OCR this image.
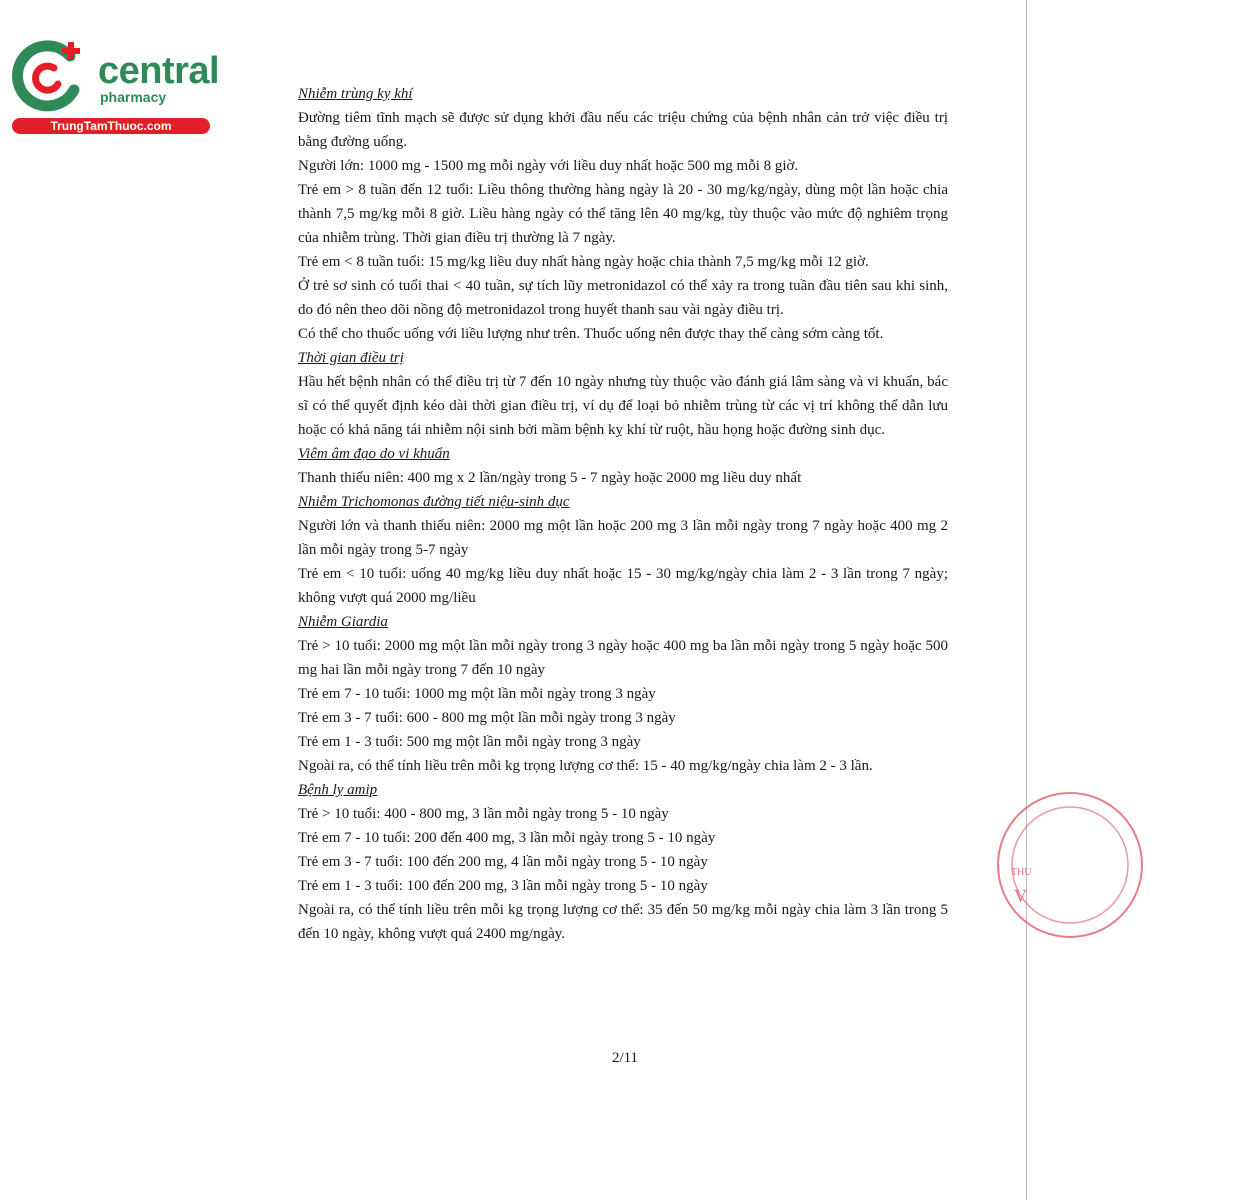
central
pharmacy
TrungTamThuoc.com

Nhiễm trùng kỵ khí

Đường tiêm tĩnh mạch sẽ được sử dụng khởi đầu nếu các triệu chứng của bệnh nhân cản trở việc điều trị bằng đường uống.

Người lớn: 1000 mg - 1500 mg mỗi ngày với liều duy nhất hoặc 500 mg mỗi 8 giờ.

Trẻ em > 8 tuần đến 12 tuổi: Liều thông thường hàng ngày là 20 - 30 mg/kg/ngày, dùng một lần hoặc chia thành 7,5 mg/kg mỗi 8 giờ. Liều hàng ngày có thể tăng lên 40 mg/kg, tùy thuộc vào mức độ nghiêm trọng của nhiễm trùng. Thời gian điều trị thường là 7 ngày.

Trẻ em < 8 tuần tuổi: 15 mg/kg liều duy nhất hàng ngày hoặc chia thành 7,5 mg/kg mỗi 12 giờ.

Ở trẻ sơ sinh có tuổi thai < 40 tuần, sự tích lũy metronidazol có thể xảy ra trong tuần đầu tiên sau khi sinh, do đó nên theo dõi nồng độ metronidazol trong huyết thanh sau vài ngày điều trị.

Có thể cho thuốc uống với liều lượng như trên. Thuốc uống nên được thay thế càng sớm càng tốt.

Thời gian điều trị

Hầu hết bệnh nhân có thể điều trị từ 7 đến 10 ngày nhưng tùy thuộc vào đánh giá lâm sàng và vi khuẩn, bác sĩ có thể quyết định kéo dài thời gian điều trị, ví dụ để loại bỏ nhiễm trùng từ các vị trí không thể dẫn lưu hoặc có khả năng tái nhiễm nội sinh bởi mầm bệnh kỵ khí từ ruột, hầu họng hoặc đường sinh dục.

Viêm âm đạo do vi khuẩn

Thanh thiếu niên: 400 mg x 2 lần/ngày trong 5 - 7 ngày hoặc 2000 mg liều duy nhất

Nhiễm Trichomonas đường tiết niệu-sinh dục

Người lớn và thanh thiếu niên: 2000 mg một lần hoặc 200 mg 3 lần mỗi ngày trong 7 ngày hoặc 400 mg 2 lần mỗi ngày trong 5-7 ngày

Trẻ em < 10 tuổi: uống 40 mg/kg liều duy nhất hoặc 15 - 30 mg/kg/ngày chia làm 2 - 3 lần trong 7 ngày; không vượt quá 2000 mg/liều

Nhiễm Giardia

Trẻ > 10 tuổi: 2000 mg một lần mỗi ngày trong 3 ngày hoặc 400 mg ba lần mỗi ngày trong 5 ngày hoặc 500 mg hai lần mỗi ngày trong 7 đến 10 ngày

Trẻ em 7 - 10 tuổi: 1000 mg một lần mỗi ngày trong 3 ngày

Trẻ em 3 - 7 tuổi: 600 - 800 mg một lần mỗi ngày trong 3 ngày

Trẻ em 1 - 3 tuổi: 500 mg một lần mỗi ngày trong 3 ngày

Ngoài ra, có thể tính liều trên mỗi kg trọng lượng cơ thể: 15 - 40 mg/kg/ngày chia làm 2 - 3 lần.

Bệnh lỵ amip

Trẻ > 10 tuổi: 400 - 800 mg, 3 lần mỗi ngày trong 5 - 10 ngày

Trẻ em 7 - 10 tuổi: 200 đến 400 mg, 3 lần mỗi ngày trong 5 - 10 ngày

Trẻ em 3 - 7 tuổi: 100 đến 200 mg, 4 lần mỗi ngày trong 5 - 10 ngày

Trẻ em 1 - 3 tuổi: 100 đến 200 mg, 3 lần mỗi ngày trong 5 - 10 ngày

Ngoài ra, có thể tính liều trên mỗi kg trọng lượng cơ thể: 35 đến 50 mg/kg mỗi ngày chia làm 3 lần trong 5 đến 10 ngày, không vượt quá 2400 mg/ngày.

2/11
THU
V
